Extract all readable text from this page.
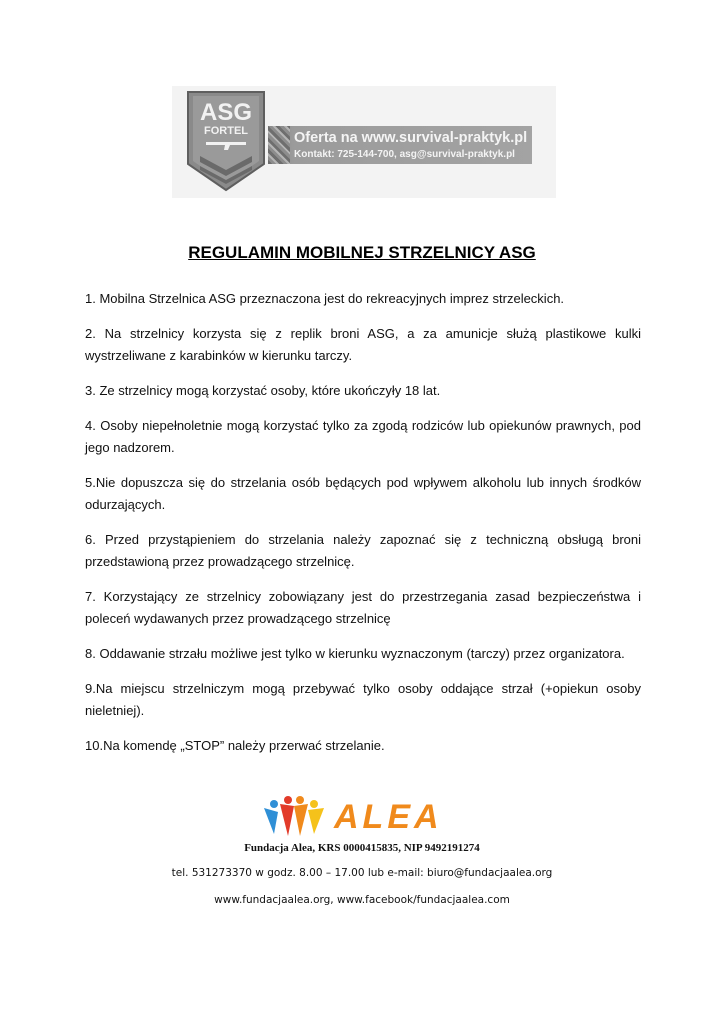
ASG
FORTEL	Oferta na www.survival-praktyk.pl
Kontakt: 725-144-700, asg@survival-praktyk.pl
REGULAMIN MOBILNEJ STRZELNICY ASG

1. Mobilna Strzelnica ASG przeznaczona jest do rekreacyjnych imprez strzeleckich.

2. Na strzelnicy korzysta się z replik broni ASG, a za amunicje służą plastikowe kulki wystrzeliwane z karabinków w kierunku tarczy.

3. Ze strzelnicy mogą korzystać osoby, które ukończyły 18 lat.

4. Osoby niepełnoletnie mogą korzystać tylko za zgodą rodziców lub opiekunów prawnych, pod jego nadzorem.

5.Nie dopuszcza się do strzelania osób będących pod wpływem alkoholu lub innych środków odurzających.

6. Przed przystąpieniem do strzelania należy zapoznać się z techniczną obsługą broni przedstawioną przez prowadzącego strzelnicę.

7. Korzystający ze strzelnicy zobowiązany jest do przestrzegania zasad bezpieczeństwa i poleceń wydawanych przez prowadzącego strzelnicę

8. Oddawanie strzału możliwe jest tylko w kierunku wyznaczonym (tarczy) przez organizatora.

9.Na miejscu strzelniczym mogą przebywać tylko osoby oddające strzał (+opiekun osoby nieletniej).

10.Na komendę „STOP” należy przerwać strzelanie.

ALEA
Fundacja Alea, KRS 0000415835, NIP 9492191274
tel. 531273370 w godz. 8.00 – 17.00 lub e-mail: biuro@fundacjaalea.org
www.fundacjaalea.org, www.facebook/fundacjaalea.com
